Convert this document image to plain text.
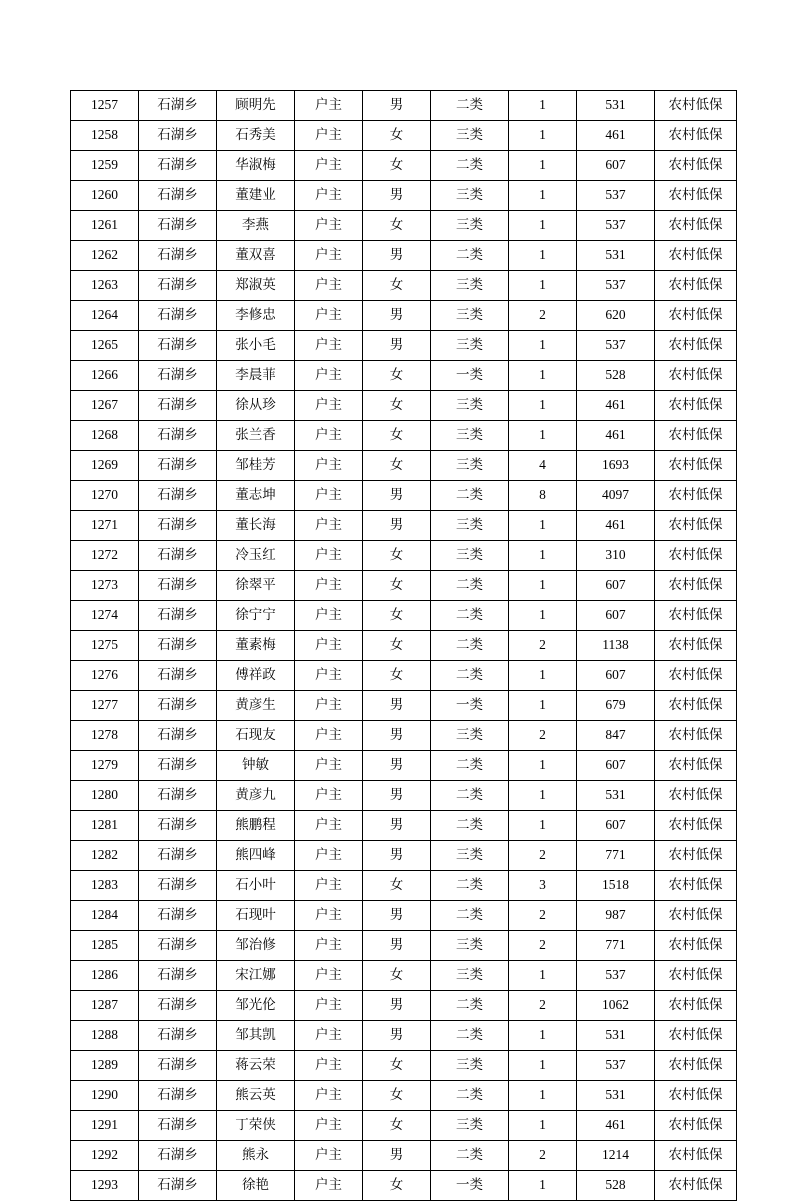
1257	石湖乡	顾明先	户主	男	二类	1	531	农村低保
1258	石湖乡	石秀美	户主	女	三类	1	461	农村低保
1259	石湖乡	华淑梅	户主	女	二类	1	607	农村低保
1260	石湖乡	董建业	户主	男	三类	1	537	农村低保
1261	石湖乡	李燕	户主	女	三类	1	537	农村低保
1262	石湖乡	董双喜	户主	男	二类	1	531	农村低保
1263	石湖乡	郑淑英	户主	女	三类	1	537	农村低保
1264	石湖乡	李修忠	户主	男	三类	2	620	农村低保
1265	石湖乡	张小毛	户主	男	三类	1	537	农村低保
1266	石湖乡	李晨菲	户主	女	一类	1	528	农村低保
1267	石湖乡	徐从珍	户主	女	三类	1	461	农村低保
1268	石湖乡	张兰香	户主	女	三类	1	461	农村低保
1269	石湖乡	邹桂芳	户主	女	三类	4	1693	农村低保
1270	石湖乡	董志坤	户主	男	二类	8	4097	农村低保
1271	石湖乡	董长海	户主	男	三类	1	461	农村低保
1272	石湖乡	冷玉红	户主	女	三类	1	310	农村低保
1273	石湖乡	徐翠平	户主	女	二类	1	607	农村低保
1274	石湖乡	徐宁宁	户主	女	二类	1	607	农村低保
1275	石湖乡	董素梅	户主	女	二类	2	1138	农村低保
1276	石湖乡	傅祥政	户主	女	二类	1	607	农村低保
1277	石湖乡	黄彦生	户主	男	一类	1	679	农村低保
1278	石湖乡	石现友	户主	男	三类	2	847	农村低保
1279	石湖乡	钟敏	户主	男	二类	1	607	农村低保
1280	石湖乡	黄彦九	户主	男	二类	1	531	农村低保
1281	石湖乡	熊鹏程	户主	男	二类	1	607	农村低保
1282	石湖乡	熊四峰	户主	男	三类	2	771	农村低保
1283	石湖乡	石小叶	户主	女	二类	3	1518	农村低保
1284	石湖乡	石现叶	户主	男	二类	2	987	农村低保
1285	石湖乡	邹治修	户主	男	三类	2	771	农村低保
1286	石湖乡	宋江娜	户主	女	三类	1	537	农村低保
1287	石湖乡	邹光伦	户主	男	二类	2	1062	农村低保
1288	石湖乡	邹其凯	户主	男	二类	1	531	农村低保
1289	石湖乡	蒋云荣	户主	女	三类	1	537	农村低保
1290	石湖乡	熊云英	户主	女	二类	1	531	农村低保
1291	石湖乡	丁荣侠	户主	女	三类	1	461	农村低保
1292	石湖乡	熊永	户主	男	二类	2	1214	农村低保
1293	石湖乡	徐艳	户主	女	一类	1	528	农村低保
